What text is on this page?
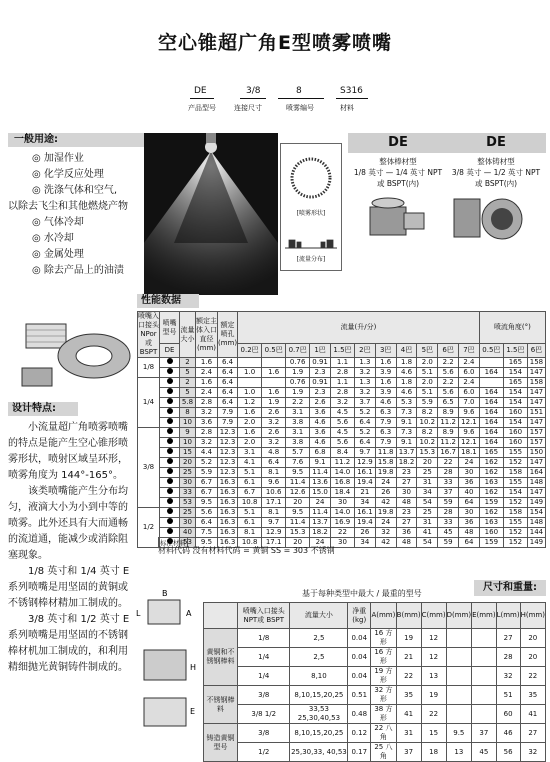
空心锥超广角E型喷雾喷嘴
DE	3/8	8	S316
产品型号	连接尺寸	喷雾编号	材料
一般用途:
◎ 加湿作业
◎ 化学反应处理
◎ 洗涤气体和空气,
以除去飞尘和其他燃烧产物
◎ 气体冷却
◎ 水冷却
◎ 金属处理
◎ 除去产品上的油渍
[喷雾形状]
[流量分布]
DE
整体棒材型
1/8 英寸 — 1/4 英寸 NPT
或 BSPT(内)
DE
整体铸材型
3/8 英寸 — 1/2 英寸 NPT
或 BSPT(内)
性能数据
喷嘴入口接头NPor或BSPT	喷嘴型号	流量大小	额定主体入口直径(mm)	额定喷孔(mm)	流量(升/分)											喷流角度(°)		
	DE				0.2巴	0.5巴	0.7巴	1巴	1.5巴	2巴	3巴	4巴	5巴	6巴	7巴	0.5巴	1.5巴	6巴
1/8		2	1.6	6.4			0.76	0.91	1.1	1.3	1.6	1.8	2.0	2.2	2.4		165	158
		5	2.4	6.4	1.0	1.6	1.9	2.3	2.8	3.2	3.9	4.6	5.1	5.6	6.0	164	154	147
1/4		2	1.6	6.4			0.76	0.91	1.1	1.3	1.6	1.8	2.0	2.2	2.4		165	158
		5	2.4	6.4	1.0	1.6	1.9	2.3	2.8	3.2	3.9	4.6	5.1	5.6	6.0	164	154	147
		5.8	2.8	6.4	1.2	1.9	2.2	2.6	3.2	3.7	4.6	5.3	5.9	6.5	7.0	164	154	147
		8	3.2	7.9	1.6	2.6	3.1	3.6	4.5	5.2	6.3	7.3	8.2	8.9	9.6	164	160	151
		10	3.6	7.9	2.0	3.2	3.8	4.6	5.6	6.4	7.9	9.1	10.2	11.2	12.1	164	154	147
3/8		9	2.8	12.3	1.6	2.6	3.1	3.6	4.5	5.2	6.3	7.3	8.2	8.9	9.6	164	160	157
		10	3.2	12.3	2.0	3.2	3.8	4.6	5.6	6.4	7.9	9.1	10.2	11.2	12.1	164	160	157
		15	4.4	12.3	3.1	4.8	5.7	6.8	8.4	9.7	11.8	13.7	15.3	16.7	18.1	165	155	150
		20	5.2	12.3	4.1	6.4	7.6	9.1	11.2	12.9	15.8	18.2	20	22	24	162	152	147
		25	5.9	12.3	5.1	8.1	9.5	11.4	14.0	16.1	19.8	23	25	28	30	162	158	164
		30	6.7	16.3	6.1	9.6	11.4	13.6	16.8	19.4	24	27	31	33	36	163	155	148
		33	6.7	16.3	6.7	10.6	12.6	15.0	18.4	21	26	30	34	37	40	162	154	147
		53	9.5	16.3	10.8	17.1	20	24	30	34	42	48	54	59	64	159	152	149
1/2		25	5.6	16.3	5.1	8.1	9.5	11.4	14.0	16.1	19.8	23	25	28	30	162	158	154
		30	6.4	16.3	6.1	9.7	11.4	13.7	16.9	19.4	24	27	31	33	36	163	155	148
		40	7.5	16.3	8.1	12.9	15.3	18.2	22	26	32	36	41	45	48	160	152	144
		53	9.5	16.3	10.8	17.1	20	24	30	34	42	48	54	59	64	159	152	149
标准材料
材料代码 没有材料代码 = 黄铜 SS = 303 不锈钢
设计特点:

小流量超广角喷雾喷嘴的特点是能产生空心锥形喷雾形状，喷射区域呈环形，喷雾角度为 144°-165°。

该类喷嘴能产生分布均匀，液滴大小为小到中等的喷雾。此外还具有大而通畅的流道通，能减少或消除阻塞现象。

1/8 英寸和 1/4 英寸 E 系列喷嘴是用坚固的黄铜或不锈钢棒材精加工制成的。

3/8 英寸和 1/2 英寸 E 系列喷嘴是用坚固的不锈钢棒材机加工制成的，和利用精细抛光黄铜铸件制成的。

B
L	A
H
E
基于每种类型中最大 / 最重的型号
尺寸和重量:
	喷嘴入口接头 NPT或 BSPT	流量大小	净重(kg)	A(mm)	B(mm)	C(mm)	D(mm)	E(mm)	L(mm)	H(mm)
黄铜和不锈钢棒料	1/8	2,5	0.04	16 方形	19	12			27	20
	1/4	2,5	0.04	16 方形	21	12			28	20
	1/4	8,10	0.04	19 方形	22	13			32	22
不锈钢棒料	3/8	8,10,15,20,25	0.51	32 方形	35	19			51	35
	3/8 1/2	33,53 25,30,40,53	0.48	38 方形	41	22			60	41
铸造黄铜型号	3/8	8,10,15,20,25	0.12	22 八角	31	15	9.5	37	46	27
	1/2	25,30,33, 40,53	0.17	25 八角	37	18	13	45	56	32
